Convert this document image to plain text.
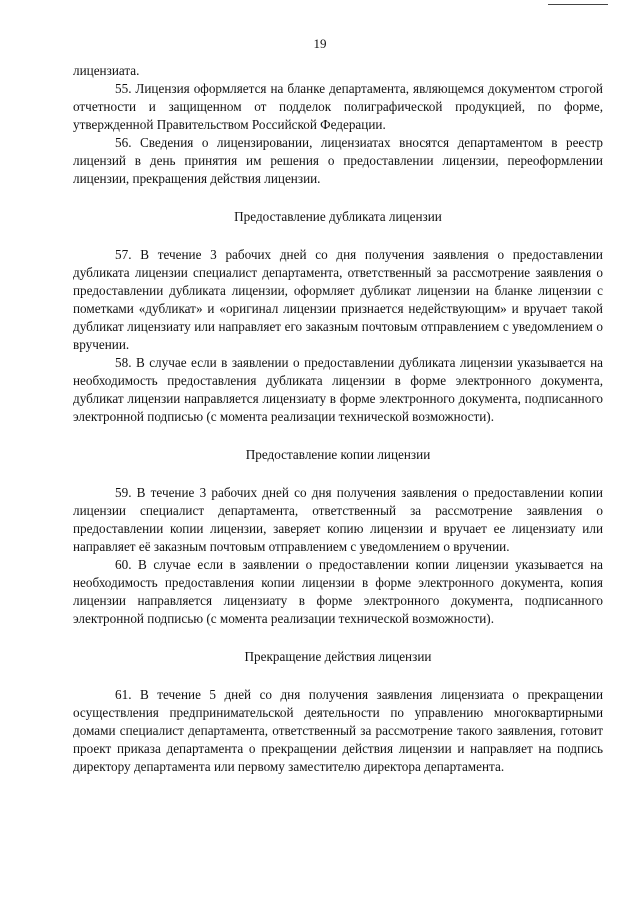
19

лицензиата.

55. Лицензия оформляется на бланке департамента, являющемся документом строгой отчетности и защищенном от подделок полиграфической продукцией, по форме, утвержденной Правительством Российской Федерации.

56. Сведения о лицензировании, лицензиатах вносятся департаментом в реестр лицензий в день принятия им решения о предоставлении лицензии, переоформлении лицензии, прекращения действия лицензии.

Предоставление дубликата лицензии

57. В течение 3 рабочих дней со дня получения заявления о предоставлении дубликата лицензии специалист департамента, ответственный за рассмотрение заявления о предоставлении дубликата лицензии, оформляет дубликат лицензии на бланке лицензии с пометками «дубликат» и «оригинал лицензии признается недействующим» и вручает такой дубликат лицензиату или направляет его заказным почтовым отправлением с уведомлением о вручении.

58. В случае если в заявлении о предоставлении дубликата лицензии указывается на необходимость предоставления дубликата лицензии в форме электронного документа, дубликат лицензии направляется лицензиату в форме электронного документа, подписанного электронной подписью (с момента реализации технической возможности).

Предоставление копии лицензии

59. В течение 3 рабочих дней со дня получения заявления о предоставлении копии лицензии специалист департамента, ответственный за рассмотрение заявления о предоставлении копии лицензии, заверяет копию лицензии и вручает ее лицензиату или направляет её заказным почтовым отправлением с уведомлением о вручении.

60. В случае если в заявлении о предоставлении копии лицензии указывается на необходимость предоставления копии лицензии в форме электронного документа, копия лицензии направляется лицензиату в форме электронного документа, подписанного электронной подписью (с момента реализации технической возможности).

Прекращение действия лицензии

61. В течение 5 дней со дня получения заявления лицензиата о прекращении осуществления предпринимательской деятельности по управлению многоквартирными домами специалист департамента, ответственный за рассмотрение такого заявления, готовит проект приказа департамента о прекращении действия лицензии и направляет на подпись директору департамента или первому заместителю директора департамента.
